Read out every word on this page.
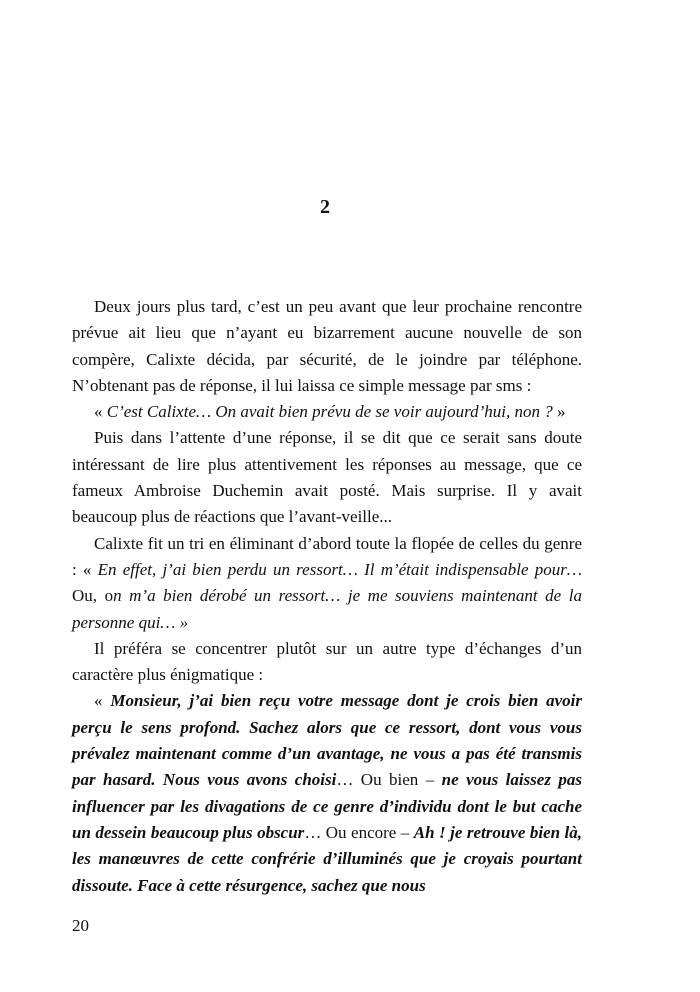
2

Deux jours plus tard, c’est un peu avant que leur prochaine rencontre prévue ait lieu que n’ayant eu bizarrement aucune nouvelle de son compère, Calixte décida, par sécurité, de le joindre par téléphone. N’obtenant pas de réponse, il lui laissa ce simple message par sms :

« C’est Calixte… On avait bien prévu de se voir aujourd’hui, non ? »

Puis dans l’attente d’une réponse, il se dit que ce serait sans doute intéressant de lire plus attentivement les réponses au message, que ce fameux Ambroise Duchemin avait posté. Mais surprise. Il y avait beaucoup plus de réactions que l’avant-veille...

Calixte fit un tri en éliminant d’abord toute la flopée de celles du genre : « En effet, j’ai bien perdu un ressort… Il m’était indispensable pour…Ou, on m’a bien dérobé un ressort… je me souviens maintenant de la personne qui… »

Il préféra se concentrer plutôt sur un autre type d’échanges d’un caractère plus énigmatique :

« Monsieur, j’ai bien reçu votre message dont je crois bien avoir perçu le sens profond. Sachez alors que ce ressort, dont vous vous prévalez maintenant comme d’un avantage, ne vous a pas été transmis par hasard. Nous vous avons choisi… Ou bien – ne vous laissez pas influencer par les divagations de ce genre d’individu dont le but cache un dessein beaucoup plus obscur… Ou encore – Ah ! je retrouve bien là, les manœuvres de cette confrérie d’illuminés que je croyais pourtant dissoute. Face à cette résurgence, sachez que nous

20
